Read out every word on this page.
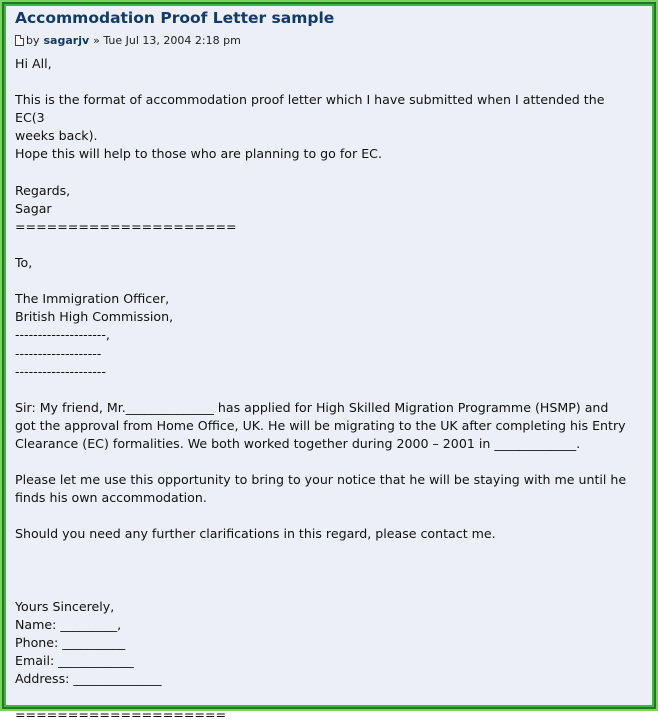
Accommodation Proof Letter sample
by sagarjv » Tue Jul 13, 2004 2:18 pm
Hi All,
This is the format of accommodation proof letter which I have submitted when I attended the EC(3
weeks back).
Hope this will help to those who are planning to go for EC.
Regards,
Sagar
=====================
To,
The Immigration Officer,
British High Commission,
--------------------,
-------------------
--------------------
Sir: My friend, Mr.______________ has applied for High Skilled Migration Programme (HSMP) and
got the approval from Home Office, UK. He will be migrating to the UK after completing his Entry
Clearance (EC) formalities. We both worked together during 2000 – 2001 in _____________.
Please let me use this opportunity to bring to your notice that he will be staying with me until he
finds his own accommodation.
Should you need any further clarifications in this regard, please contact me.
Yours Sincerely,
Name: _________,
Phone: __________
Email: ____________
Address: ______________
====================
